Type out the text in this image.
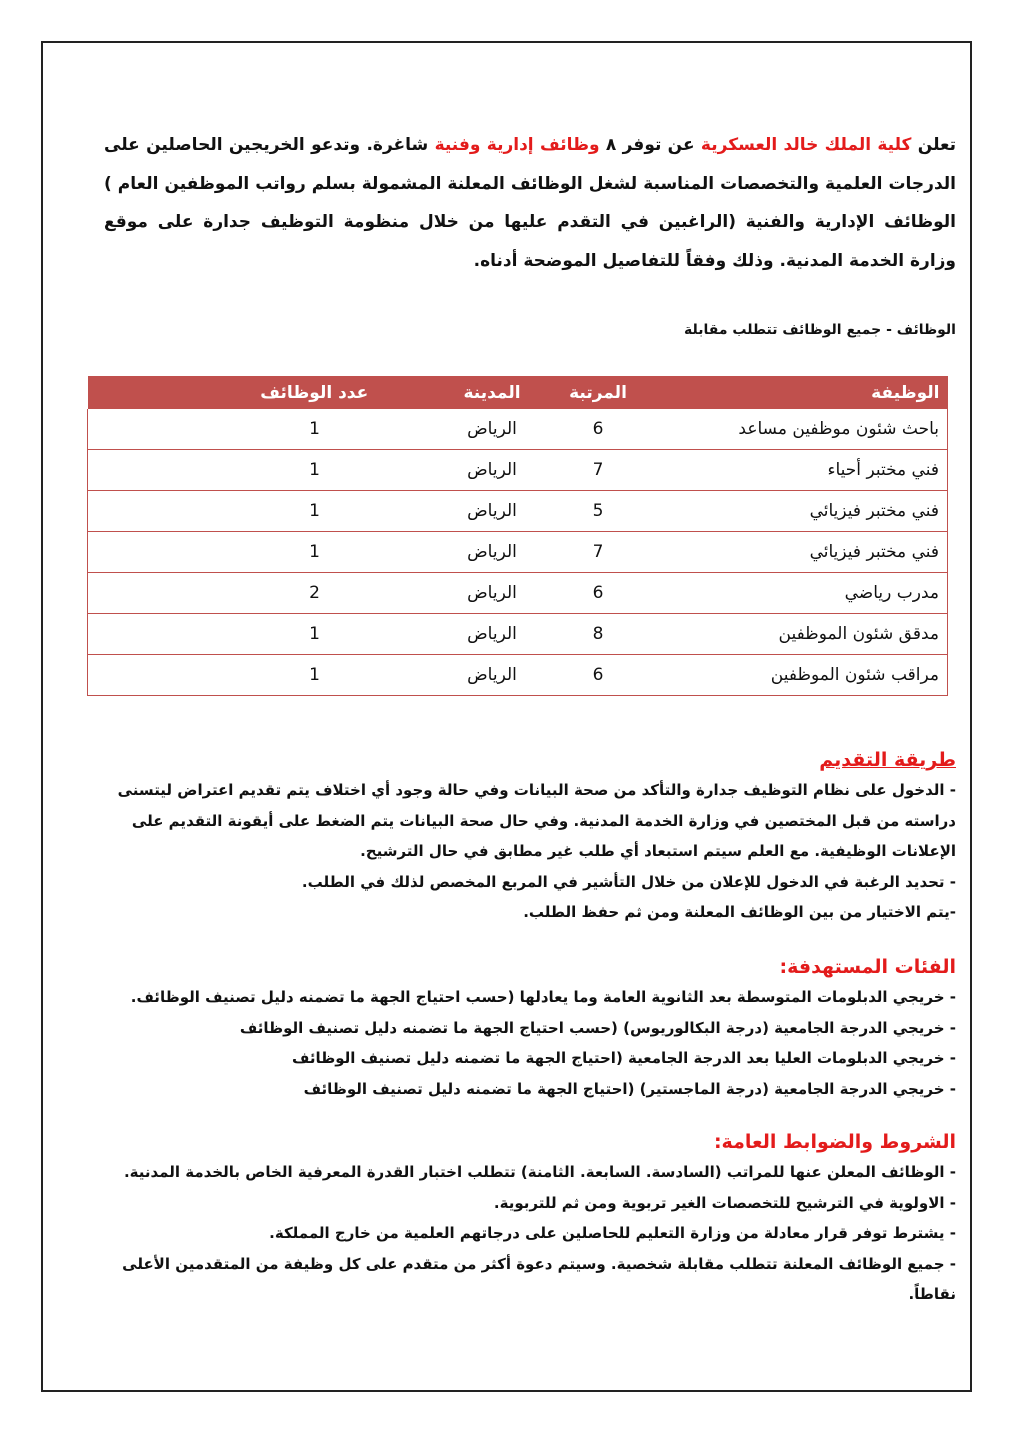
تعلن كلية الملك خالد العسكرية عن توفر ٨ وظائف إدارية وفنية شاغرة. وتدعو الخريجين الحاصلين على الدرجات العلمية والتخصصات المناسبة لشغل الوظائف المعلنة المشمولة بسلم رواتب الموظفين العام ) الوظائف الإدارية والفنية (الراغبين في التقدم عليها من خلال منظومة التوظيف جدارة على موقع وزارة الخدمة المدنية. وذلك وفقاً للتفاصيل الموضحة أدناه.
الوظائف - جميع الوظائف تتطلب مقابلة
الوظيفة	المرتبة	المدينة	عدد الوظائف
باحث شئون موظفين مساعد	6	الرياض	1
فني مختبر أحياء	7	الرياض	1
فني مختبر فيزيائي	5	الرياض	1
فني مختبر فيزيائي	7	الرياض	1
مدرب رياضي	6	الرياض	2
مدقق شئون الموظفين	8	الرياض	1
مراقب شئون الموظفين	6	الرياض	1
طريقة التقديم

- الدخول على نظام التوظيف جدارة والتأكد من صحة البيانات وفي حالة وجود أي اختلاف يتم تقديم اعتراض ليتسنى دراسته من قبل المختصين في وزارة الخدمة المدنية. وفي حال صحة البيانات يتم الضغط على أيقونة التقديم على الإعلانات الوظيفية. مع العلم سيتم استبعاد أي طلب غير مطابق في حال الترشيح.

- تحديد الرغبة في الدخول للإعلان من خلال التأشير في المربع المخصص لذلك في الطلب.

-يتم الاختيار من بين الوظائف المعلنة ومن ثم حفظ الطلب.

الفئات المستهدفة:

- خريجي الدبلومات المتوسطة بعد الثانوية العامة وما يعادلها (حسب احتياج الجهة ما تضمنه دليل تصنيف الوظائف.

- خريجي الدرجة الجامعية (درجة البكالوريوس) (حسب احتياج الجهة ما تضمنه دليل تصنيف الوظائف

- خريجي الدبلومات العليا بعد الدرجة الجامعية (احتياج الجهة ما تضمنه دليل تصنيف الوظائف

- خريجي الدرجة الجامعية (درجة الماجستير) (احتياج الجهة ما تضمنه دليل تصنيف الوظائف

الشروط والضوابط العامة:

- الوظائف المعلن عنها للمراتب (السادسة. السابعة. الثامنة) تتطلب اختبار القدرة المعرفية الخاص بالخدمة المدنية.

- الاولوية في الترشيح للتخصصات الغير تربوية ومن ثم للتربوية.

- يشترط توفر قرار معادلة من وزارة التعليم للحاصلين على درجاتهم العلمية من خارج المملكة.

- جميع الوظائف المعلنة تتطلب مقابلة شخصية. وسيتم دعوة أكثر من متقدم على كل وظيفة من المتقدمين الأعلى نقاطاً.
